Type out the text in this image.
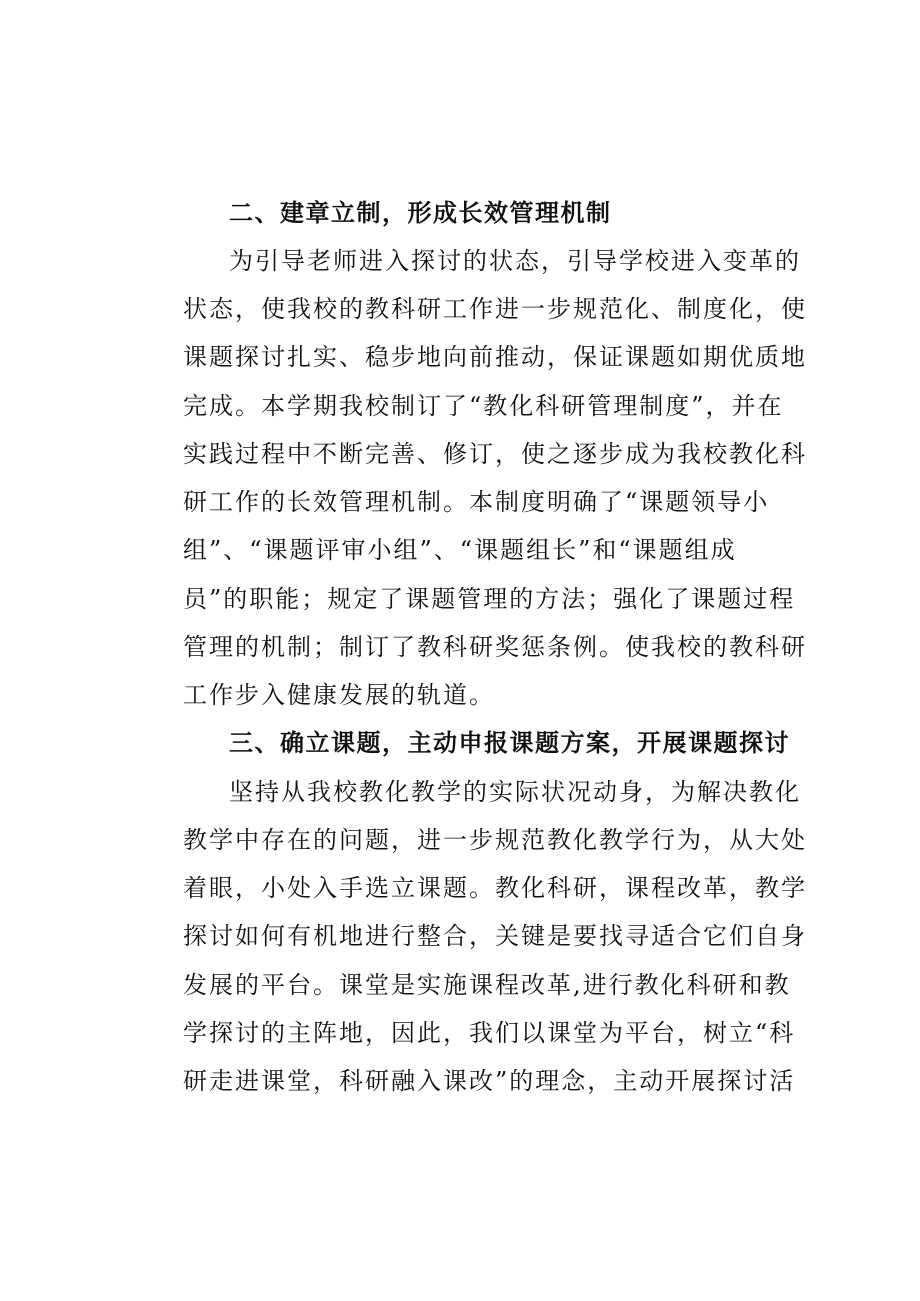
二、建章立制，形成长效管理机制
为引导老师进入探讨的状态，引导学校进入变革的
状态，使我校的教科研工作进一步规范化、制度化，使
课题探讨扎实、稳步地向前推动，保证课题如期优质地
完成。本学期我校制订了“教化科研管理制度”，并在
实践过程中不断完善、修订，使之逐步成为我校教化科
研工作的长效管理机制。本制度明确了“课题领导小
组”、“课题评审小组”、“课题组长”和“课题组成
员”的职能；规定了课题管理的方法；强化了课题过程
管理的机制；制订了教科研奖惩条例。使我校的教科研
工作步入健康发展的轨道。
三、确立课题，主动申报课题方案，开展课题探讨
坚持从我校教化教学的实际状况动身，为解决教化
教学中存在的问题，进一步规范教化教学行为，从大处
着眼，小处入手选立课题。教化科研，课程改革，教学
探讨如何有机地进行整合，关键是要找寻适合它们自身
发展的平台。课堂是实施课程改革,进行教化科研和教
学探讨的主阵地，因此，我们以课堂为平台，树立“科
研走进课堂，科研融入课改”的理念，主动开展探讨活
